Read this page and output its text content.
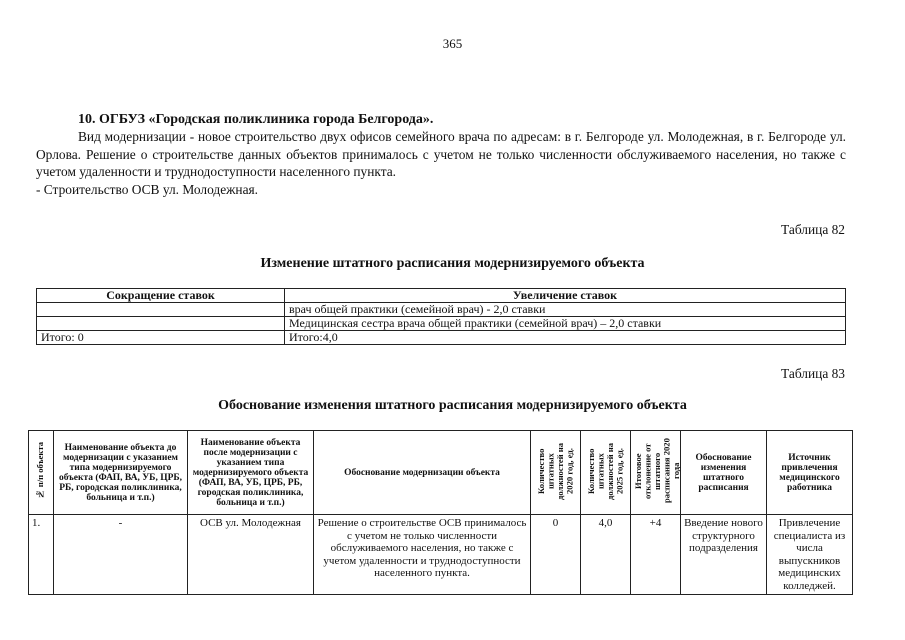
365
10. ОГБУЗ «Городская поликлиника города Белгорода».

Вид модернизации - новое строительство двух офисов семейного врача по адресам: в г. Белгороде ул. Молодежная, в г. Белгороде ул. Орлова. Решение о строительстве данных объектов принималось с учетом не только численности обслуживаемого населения, но также с учетом удаленности и труднодоступности населенного пункта.

- Строительство ОСВ ул. Молодежная.

Таблица 82
Изменение штатного расписания модернизируемого объекта
Сокращение ставок	Увеличение ставок
	врач общей практики (семейной врач) - 2,0 ставки
	Медицинская сестра врача общей практики (семейной врач) – 2,0 ставки
Итого: 0	Итого:4,0
Таблица 83
Обоснование изменения штатного расписания модернизируемого объекта
№ п/п объекта	Наименование объекта до модернизации с указанием типа модернизируемого объекта (ФАП, ВА, УБ, ЦРБ, РБ, городская поликлиника, больница и т.п.)	Наименование объекта после модернизации с указанием типа модернизируемого объекта (ФАП, ВА, УБ, ЦРБ, РБ, городская поликлиника, больница и т.п.)	Обоснование модернизации объекта	Количество штатных должностей на 2020 год, ед.	Количество штатных должностей на 2025 год, ед.	Итоговое отклонение от штатного расписания 2020 года	Обоснование изменения штатного расписания	Источник привлечения медицинского работника
1.	-	ОСВ ул. Молодежная	Решение о строительстве ОСВ принималось с учетом не только численности обслуживаемого населения, но также с учетом удаленности и труднодоступности населенного пункта.	0	4,0	+4	Введение нового структурного подразделения	Привлечение специалиста из числа выпускников медицинских колледжей.
